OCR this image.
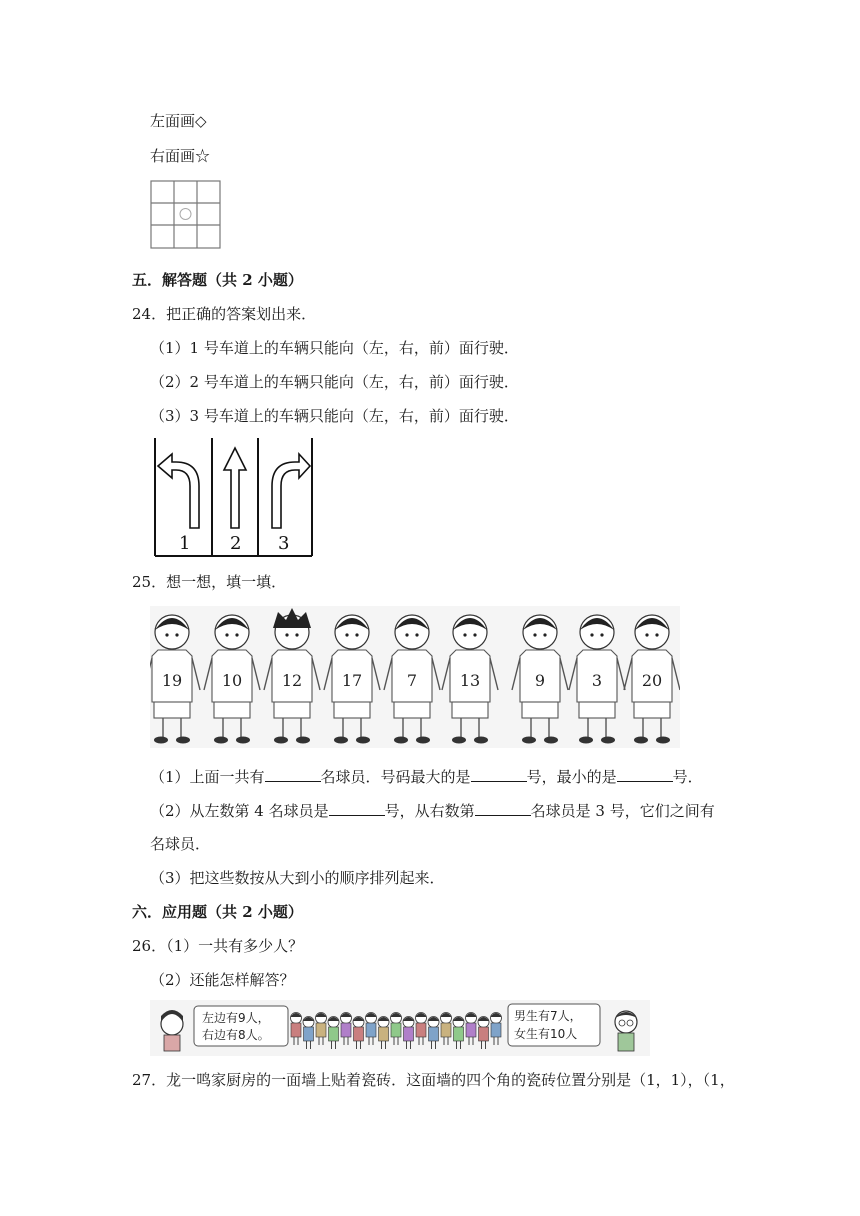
左面画◇
右面画☆
五．解答题（共 2 小题）
24．把正确的答案划出来．
（1）1 号车道上的车辆只能向（左，右，前）面行驶．
（2）2 号车道上的车辆只能向（左，右，前）面行驶．
（3）3 号车道上的车辆只能向（左，右，前）面行驶．
1 2 3
25．想一想，填一填．
19 10 12 17	7	13	9	3 20
（1）上面一共有	名球员．号码最大的是	号，最小的是	号．
（2）从左数第 4 名球员是	号，从右数第	名球员是 3 号，它们之间有
名球员．
（3）把这些数按从大到小的顺序排列起来．
六．应用题（共 2 小题）
26．（1）一共有多少人？
（2）还能怎样解答？
左边有9人，
右边有8人。
男生有7人，
女生有10人
27．龙一鸣家厨房的一面墙上贴着瓷砖．这面墙的四个角的瓷砖位置分别是（1，1），（1，
